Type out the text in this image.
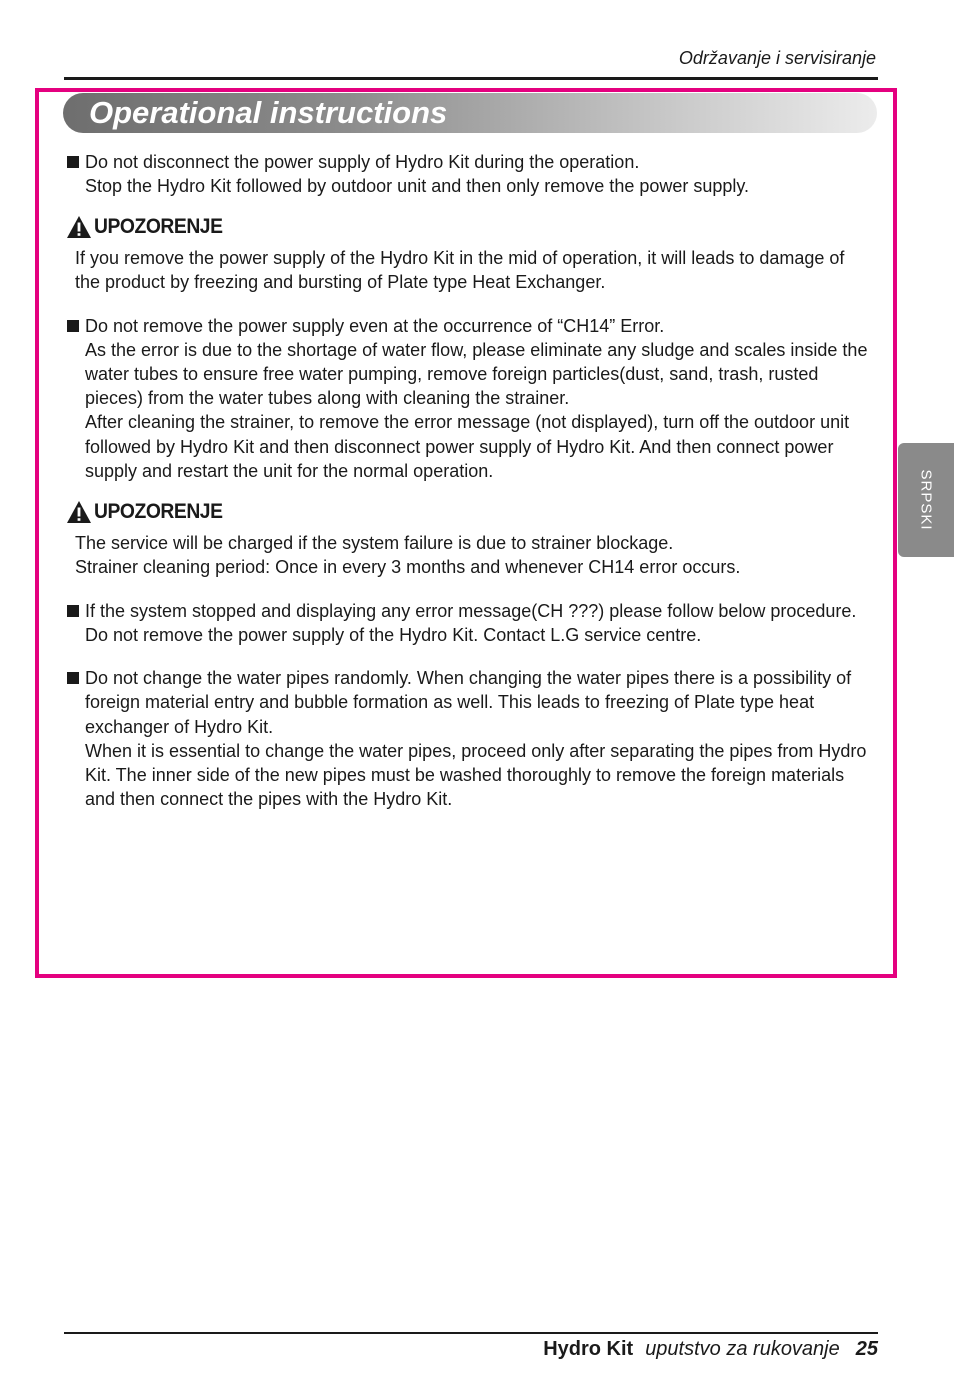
Održavanje i servisiranje
Operational instructions
Do not disconnect the power supply of Hydro Kit during the operation.
Stop the Hydro Kit followed by outdoor unit and then only remove the power supply.
UPOZORENJE
If you remove the power supply of the Hydro Kit in the mid of operation, it will leads to damage of
the product by freezing and bursting of Plate type Heat Exchanger.
Do not remove the power supply even at the occurrence of “CH14” Error.
As the error is due to the shortage of water flow, please eliminate any sludge and scales inside the
water tubes to ensure free water pumping, remove foreign particles(dust, sand, trash, rusted
pieces) from the water tubes along with cleaning the strainer.
After cleaning the strainer, to remove the error message (not displayed), turn off the outdoor unit
followed by Hydro Kit and then disconnect power supply of Hydro Kit. And then connect power
supply and restart the unit for the normal operation.
UPOZORENJE
The service will be charged if the system failure is due to strainer blockage.
Strainer cleaning period: Once in every 3 months and whenever CH14 error occurs.
If the system stopped and displaying any error message(CH ???) please follow below procedure.
Do not remove the power supply of the Hydro Kit. Contact L.G service centre.
Do not change the water pipes randomly. When changing the water pipes there is a possibility of
foreign material entry and bubble formation as well. This leads to freezing of Plate type heat
exchanger of Hydro Kit.
When it is essential to change the water pipes, proceed only after separating the pipes from Hydro
Kit. The inner side of the new pipes must be washed thoroughly to remove the foreign materials
and then connect the pipes with the Hydro Kit.
SRPSKI
Hydro Kit uputstvo za rukovanje 25
